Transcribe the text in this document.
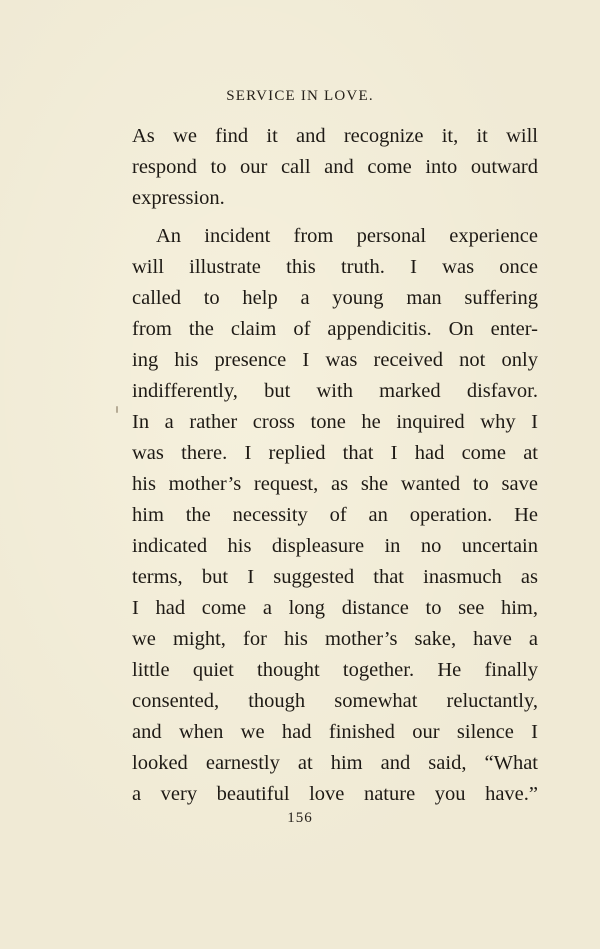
SERVICE IN LOVE.
As we find it and recognize it, it will
respond to our call and come into outward
expression.
An incident from personal experience
will illustrate this truth. I was once
called to help a young man suffering
from the claim of appendicitis. On enter-
ing his presence I was received not only
indifferently, but with marked disfavor.
In a rather cross tone he inquired why I
was there. I replied that I had come at
his mother’s request, as she wanted to save
him the necessity of an operation. He
indicated his displeasure in no uncertain
terms, but I suggested that inasmuch as
I had come a long distance to see him,
we might, for his mother’s sake, have a
little quiet thought together. He finally
consented, though somewhat reluctantly,
and when we had finished our silence I
looked earnestly at him and said, “What
a very beautiful love nature you have.”
156
